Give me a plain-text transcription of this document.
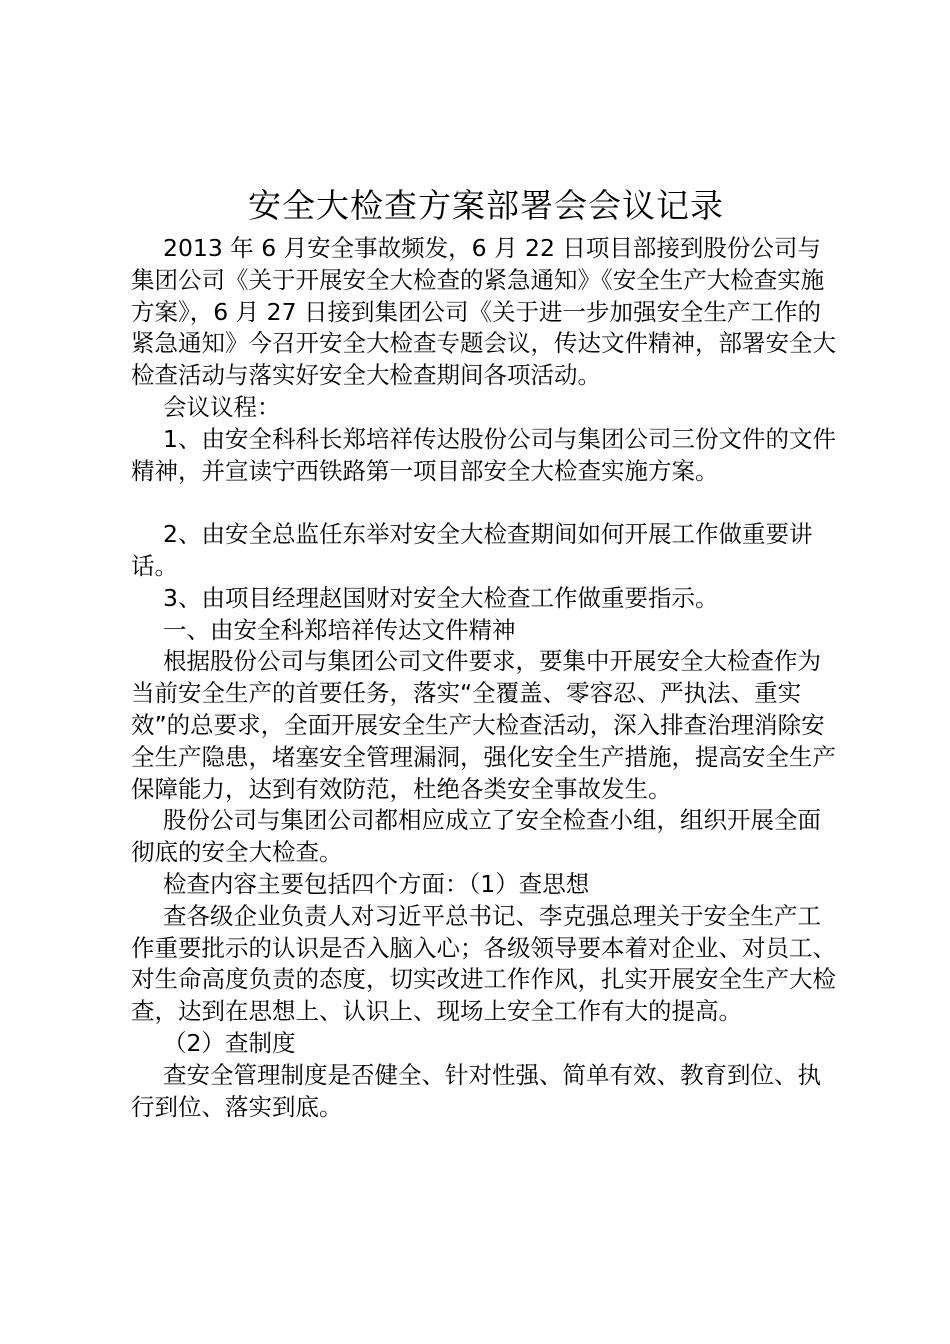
安全大检查方案部署会会议记录

2013 年 6 月安全事故频发，6 月 22 日项目部接到股份公司与集团公司《关于开展安全大检查的紧急通知》《安全生产大检查实施方案》，6 月 27 日接到集团公司《关于进一步加强安全生产工作的紧急通知》今召开安全大检查专题会议，传达文件精神，部署安全大检查活动与落实好安全大检查期间各项活动。

会议议程：

1、由安全科科长郑培祥传达股份公司与集团公司三份文件的文件精神，并宣读宁西铁路第一项目部安全大检查实施方案。

2、由安全总监任东举对安全大检查期间如何开展工作做重要讲话。

3、由项目经理赵国财对安全大检查工作做重要指示。

一、由安全科郑培祥传达文件精神

根据股份公司与集团公司文件要求，要集中开展安全大检查作为当前安全生产的首要任务，落实“全覆盖、零容忍、严执法、重实效”的总要求，全面开展安全生产大检查活动，深入排查治理消除安全生产隐患，堵塞安全管理漏洞，强化安全生产措施，提高安全生产保障能力，达到有效防范，杜绝各类安全事故发生。

股份公司与集团公司都相应成立了安全检查小组，组织开展全面彻底的安全大检查。

检查内容主要包括四个方面：（1）查思想

查各级企业负责人对习近平总书记、李克强总理关于安全生产工作重要批示的认识是否入脑入心；各级领导要本着对企业、对员工、对生命高度负责的态度，切实改进工作作风，扎实开展安全生产大检查，达到在思想上、认识上、现场上安全工作有大的提高。

（2）查制度

查安全管理制度是否健全、针对性强、简单有效、教育到位、执行到位、落实到底。
